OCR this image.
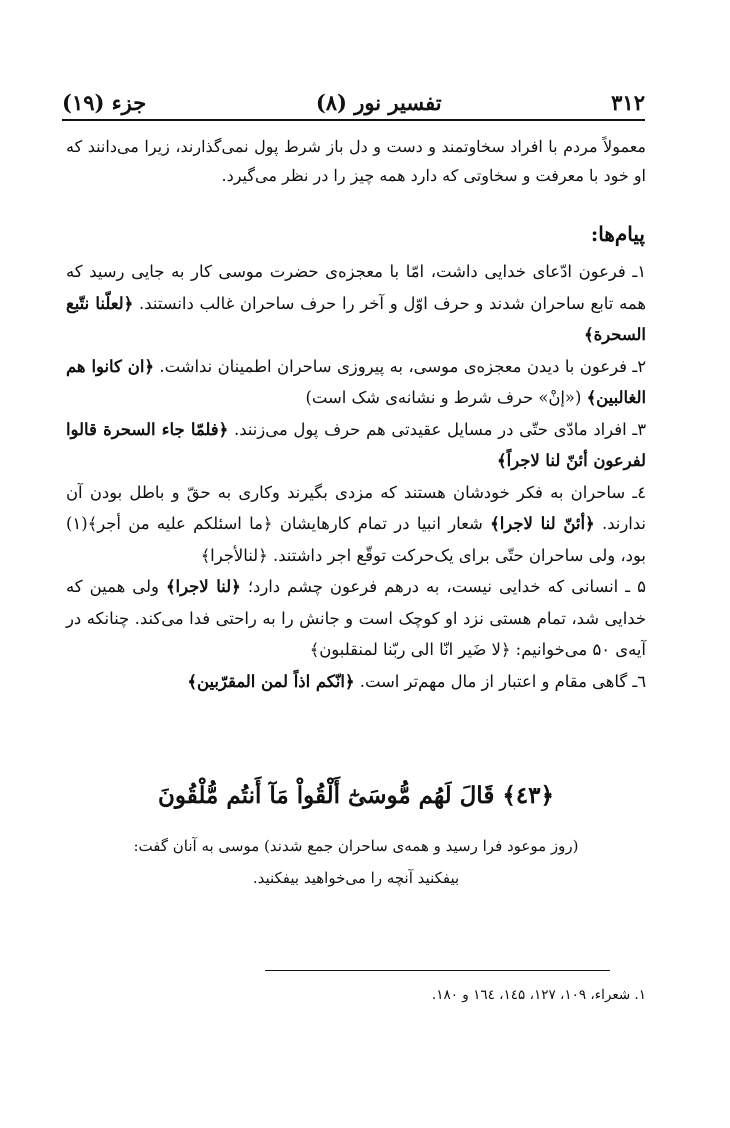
۳۱۲
تفسیر نور (۸)
جزء (۱۹)
معمولاً مردم با افراد سخاوتمند و دست و دل باز شرط پول نمی‌گذارند، زیرا می‌دانند که او خود با معرفت و سخاوتی که دارد همه چیز را در نظر می‌گیرد.
پیام‌ها:

۱ـ فرعون ادّعای خدایی داشت، امّا با معجزه‌ی حضرت موسی کار به جایی رسید که همه تابع ساحران شدند و حرف اوّل و آخر را حرف ساحران غالب دانستند. ﴿لعلّنا نتّبع السحرة﴾

۲ـ فرعون با دیدن معجزه‌ی موسی، به پیروزی ساحران اطمینان نداشت. ﴿ان کانوا هم الغالبین﴾ («إنْ» حرف شرط و نشانه‌ی شک است)

۳ـ افراد مادّی حتّی در مسایل عقیدتی هم حرف پول می‌زنند. ﴿فلمّا جاء السحرة قالوا لفرعون أئنّ لنا لاجراً﴾

٤ـ ساحران به فکر خودشان هستند که مزدی بگیرند وکاری به حقّ و باطل بودن آن ندارند. ﴿أئنّ لنا لاجرا﴾ شعار انبیا در تمام کارهایشان ﴿ما اسئلکم علیه من أجر﴾(۱) بود، ولی ساحران حتّی برای یک‌حرکت توقّع اجر داشتند. ﴿لنالأجرا﴾

۵ ـ انسانی که خدایی نیست، به درهم فرعون چشم دارد؛ ﴿لنا لاجرا﴾ ولی همین که خدایی شد، تمام هستی نزد او کوچک است و جانش را به راحتی فدا می‌کند. چنانکه در آیه‌ی ۵۰ می‌خوانیم: ﴿لا ضَیر انّا الی ربّنا لمنقلبون﴾

٦ـ گاهی مقام و اعتبار از مال مهم‌تر است. ﴿انّکم اذاً لمن المقرّبین﴾

﴿٤٣﴾ قَالَ لَهُم مُّوسَىٰٓ أَلْقُواْ مَآ أَنتُم مُّلْقُونَ
(روز موعود فرا رسید و همه‌ی ساحران جمع شدند) موسی به آنان گفت:
بیفکنید آنچه را می‌خواهید بیفکنید.
۱. شعراء، ۱۰۹، ۱۲۷، ۱٤۵، ۱٦٤ و ۱۸۰.
